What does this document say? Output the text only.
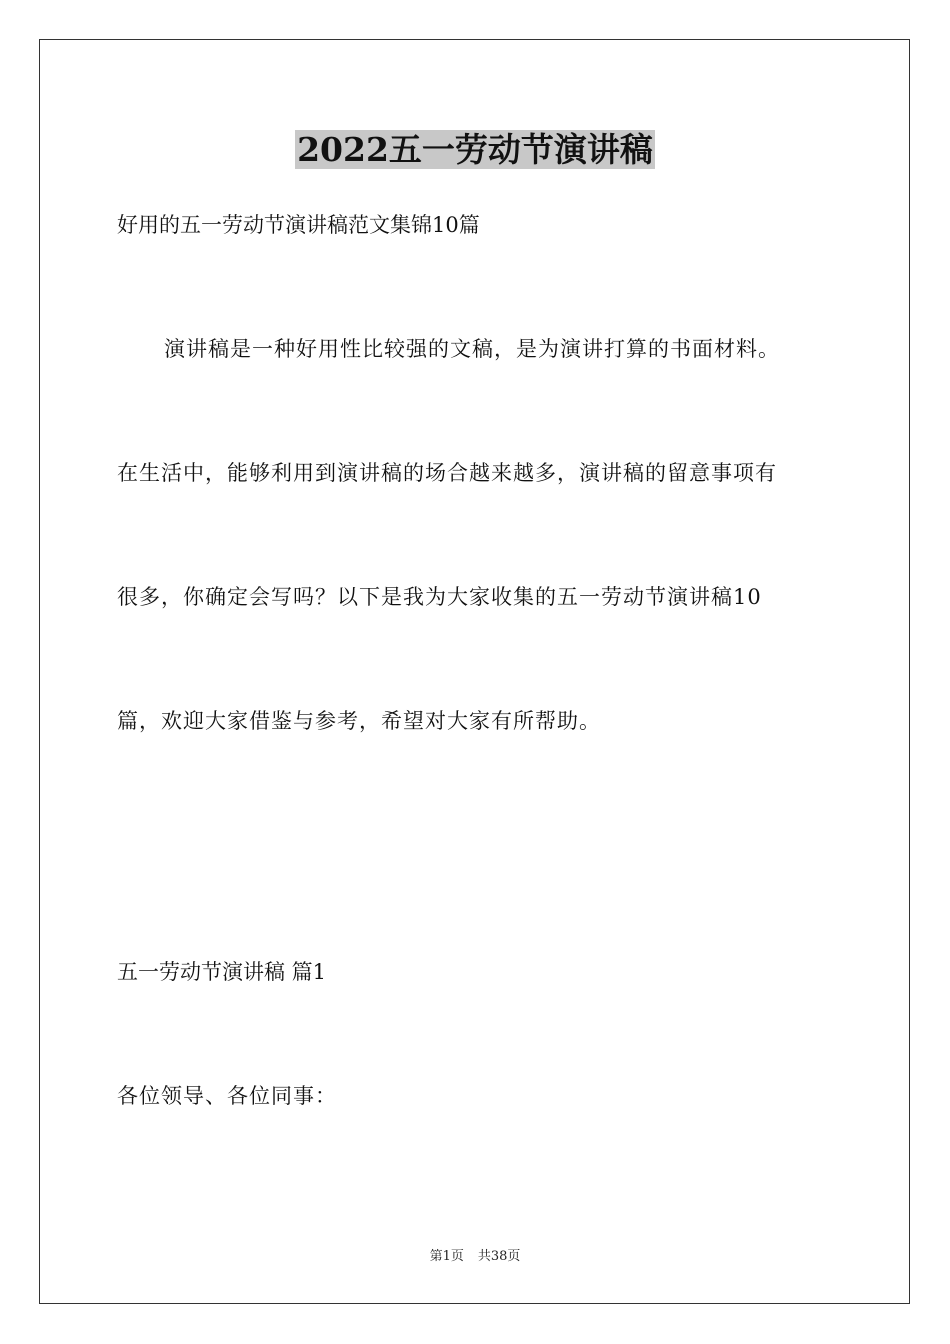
2022五一劳动节演讲稿
好用的五一劳动节演讲稿范文集锦10篇
演讲稿是一种好用性比较强的文稿，是为演讲打算的书面材料。
在生活中，能够利用到演讲稿的场合越来越多，演讲稿的留意事项有
很多，你确定会写吗？以下是我为大家收集的五一劳动节演讲稿10
篇，欢迎大家借鉴与参考，希望对大家有所帮助。
五一劳动节演讲稿 篇1
各位领导、各位同事：
第1页 共38页
